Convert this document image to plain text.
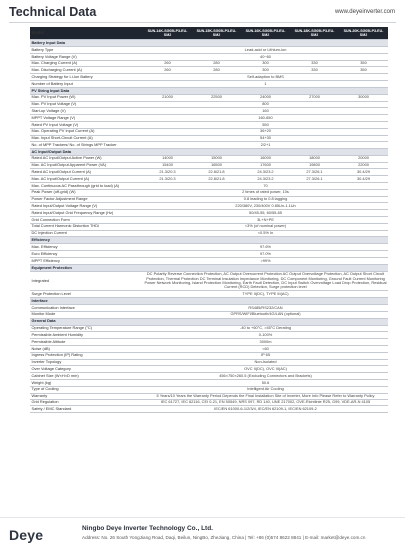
Technical Data	www.deyeinverter.com
Model	SUN-14K-SG05LP3-EU-SM2	SUN-15K-SG05LP3-EU-SM2	SUN-16K-SG05LP3-EU-SM2	SUN-18K-SG05LP3-EU-SM2	SUN-20K-SG05LP3-EU-SM2
Battery Input Data					
Battery Type	Lead-acid or Lithium-ion				
Battery Voltage Range (V)	40~60				
Max. Charging Current (A)	260	280	300	330	350
Max. Discharging Current (A)	260	280	300	330	350
Charging Strategy for Li-Ion Battery	Self-adaption to BMS				
Number of Battery Input	1				
PV String Input Data					
Max. PV Input Power (W)	21000	22500	24000	27000	30000
Max. PV Input Voltage (V)	800				
Start-up Voltage (V)	160				
MPPT Voltage Range (V)	160-650				
Rated PV Input Voltage (V)	550				
Max. Operating PV Input Current (A)	36+20				
Max. Input Short-Circuit Current (A)	54+30				
No. of MPP Trackers/ No. of Strings MPP Tracker	2/2+1				
AC Input/Output Data					
Rated AC Input/Output Active Power (W)	14000	15000	16000	18000	20000
Max. AC Input/Output Apparent Power (VA)	15400	16500	17600	19800	22000
Rated AC Input/Output Current (A)	21.3/20.3	22.8/21.8	24.3/23.2	27.3/26.1	30.4/29
Max. AC Input/Output Current (A)	21.3/20.3	22.8/21.8	24.3/23.2	27.3/26.1	30.4/29
Max. Continuous AC Passthrough (grid to load) (A)	70				
Peak Power (off-grid) (W)	2 times of rated power, 10s				
Power Factor Adjustment Range	0.8 leading to 0.8 lagging				
Rated Input/Output Voltage Range (V)	220/380V, 230/400V 0.85Un-1.1Un				
Rated Input/Output Grid Frequency Range (Hz)	50/45-55, 60/55-65				
Grid Connection Form	3L+N+PE				
Total Current Harmonic Distortion THDi	<3% (of nominal power)				
DC Injection Current	<0.5% In				
Efficiency					
Max. Efficiency	97.6%				
Euro Efficiency	97.0%				
MPPT Efficiency	>99%				
Equipment Protection					
Integrated	DC Polarity Reverse Connection Protection, AC Output Overcurrent Protection AC Output Overvoltage Protection, AC Output Short Circuit Protection, Thermal Protection DC Terminal Insulation Impedance Monitoring, DC Component Monitoring, Ground Fault Current Monitoring Power Network Monitoring, Island Protection Monitoring, Earth Fault Detection, DC Input Switch Overvoltage Load Drop Protection, Residual Current (RCD) Detection, Surge protection level				
Surge Protection Level	TYPE II(DC), TYPE III(AC)				
Interface					
Communication Interface	RS485/RS232/CAN				
Monitor Mode	GPRS/WIFI/Bluetooth/4G/LAN (optional)				
General Data					
Operating Temperature Range (°C)	-40 to +60°C, >45°C Derating				
Permissible Ambient Humidity	0-100%				
Permissible Altitude	3000m				
Noise (dB)	<60				
Ingress Protection (IP) Rating	IP 65				
Inverter Topology	Non-Isolated				
Over Voltage Category	OVC II(DC), OVC III(AC)				
Cabinet Size (W×H×D mm)	456×750×260.5 (Excluding Connectors and Brackets)				
Weight (kg)	50.6				
Type of Cooling	Intelligent Air Cooling				
Warranty	5 Years/10 Years the Warranty Period Depends the Final Installation Site of Inverter, More Info Please Refer to Warranty Policy				
Grid Regulation	IEC 61727, IEC 62116, CEI 0-21, EN 50549, NRS 097, RD 140, UNE 217002, OVE-Richtlinie R25, G99, VDE-AR-N 4105				
Safety / EMC Standard	IEC/EN 61000-6-1/2/3/4, IEC/EN 62109-1, IEC/EN 62109-2				
Deye	Ningbo Deye Inverter Technology Co., Ltd.
Address: No. 26 South YongJiang Road, Daqi, Beilun, NingBo, ZheJiang, China | Tel: +86 (0)574 8622 8841 | E-mail: market@deye.com.cn
